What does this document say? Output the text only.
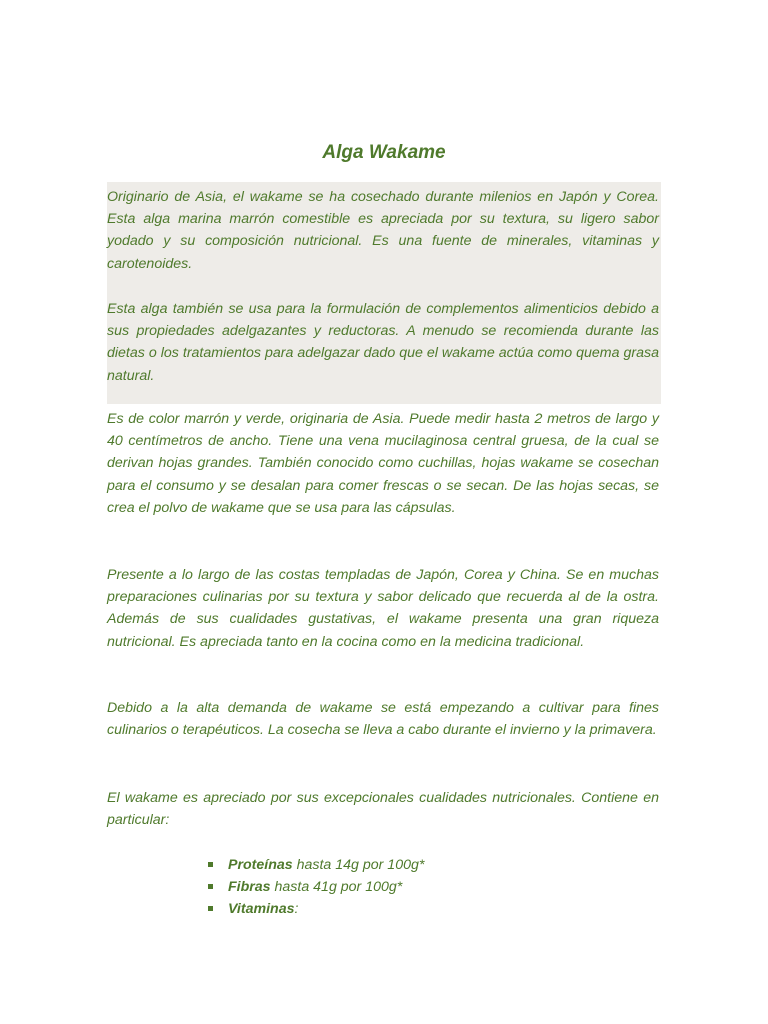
Alga Wakame

Originario de Asia, el wakame se ha cosechado durante milenios en Japón y Corea. Esta alga marina marrón comestible es apreciada por su textura, su ligero sabor yodado y su composición nutricional. Es una fuente de minerales, vitaminas y carotenoides.

Esta alga también se usa para la formulación de complementos alimenticios debido a sus propiedades adelgazantes y reductoras. A menudo se recomienda durante las dietas o los tratamientos para adelgazar dado que el wakame actúa como quema grasa natural.

Es de color marrón y verde, originaria de Asia. Puede medir hasta 2 metros de largo y 40 centímetros de ancho. Tiene una vena mucilaginosa central gruesa, de la cual se derivan hojas grandes. También conocido como cuchillas, hojas wakame se cosechan para el consumo y se desalan para comer frescas o se secan. De las hojas secas, se crea el polvo de wakame que se usa para las cápsulas.

Presente a lo largo de las costas templadas de Japón, Corea y China. Se en muchas preparaciones culinarias por su textura y sabor delicado que recuerda al de la ostra. Además de sus cualidades gustativas, el wakame presenta una gran riqueza nutricional. Es apreciada tanto en la cocina como en la medicina tradicional.

Debido a la alta demanda de wakame se está empezando a cultivar para fines culinarios o terapéuticos. La cosecha se lleva a cabo durante el invierno y la primavera.

El wakame es apreciado por sus excepcionales cualidades nutricionales. Contiene en particular:

Proteínas hasta 14g por 100g*
Fibras hasta 41g por 100g*
Vitaminas:
